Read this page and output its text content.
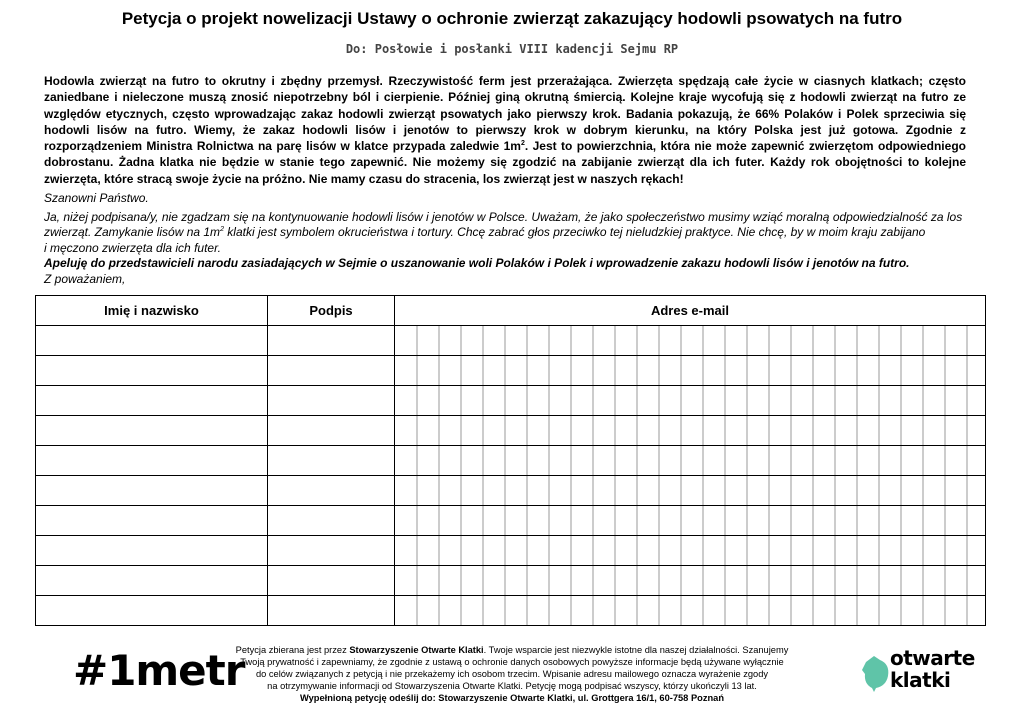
Petycja o projekt nowelizacji Ustawy o ochronie zwierząt zakazujący hodowli psowatych na futro
Do: Posłowie i posłanki VIII kadencji Sejmu RP

Hodowla zwierząt na futro to okrutny i zbędny przemysł. Rzeczywistość ferm jest przerażająca. Zwierzęta spędzają całe życie w ciasnych klatkach; często zaniedbane i nieleczone muszą znosić niepotrzebny ból i cierpienie. Później giną okrutną śmiercią. Kolejne kraje wycofują się z hodowli zwierząt na futro ze względów etycznych, często wprowadzając zakaz hodowli zwierząt psowatych jako pierwszy krok. Badania pokazują, że 66% Polaków i Polek sprzeciwia się hodowli lisów na futro. Wiemy, że zakaz hodowli lisów i jenotów to pierwszy krok w dobrym kierunku, na który Polska jest już gotowa. Zgodnie z rozporządzeniem Ministra Rolnictwa na parę lisów w klatce przypada zaledwie $1m^2$. Jest to powierzchnia, która nie może zapewnić zwierzętom odpowiedniego dobrostanu. Żadna klatka nie będzie w stanie tego zapewnić. Nie możemy się zgodzić na zabijanie zwierząt dla ich futer. Każdy rok obojętności to kolejne zwierzęta, które stracą swoje życie na próżno. Nie mamy czasu do stracenia, los zwierząt jest w naszych rękach!

Szanowni Państwo.

Ja, niżej podpisana/y, nie zgadzam się na kontynuowanie hodowli lisów i jenotów w Polsce. Uważam, że jako społeczeństwo musimy wziąć moralną odpowiedzialność za los zwierząt. Zamykanie lisów na $1m^2$ klatki jest symbolem okrucieństwa i tortury. Chcę zabrać głos przeciwko tej nieludzkiej praktyce. Nie chcę, by w moim kraju zabijano

i męczono zwierzęta dla ich futer.

Apeluję do przedstawicieli narodu zasiadających w Sejmie o uszanowanie woli Polaków i Polek i wprowadzenie zakazu hodowli lisów i jenotów na futro.

Z poważaniem,

Imię i nazwisko	Podpis	Adres e-mail

#1metr

Petycja zbierana jest przez Stowarzyszenie Otwarte Klatki. Twoje wsparcie jest niezwykle istotne dla naszej działalności. Szanujemy

Twoją prywatność i zapewniamy, że zgodnie z ustawą o ochronie danych osobowych powyższe informacje będą używane wyłącznie

do celów związanych z petycją i nie przekażemy ich osobom trzecim. Wpisanie adresu mailowego oznacza wyrażenie zgody

na otrzymywanie informacji od Stowarzyszenia Otwarte Klatki. Petycję mogą podpisać wszyscy, którzy ukończyli 13 lat.

Wypełnioną petycję odeślij do: Stowarzyszenie Otwarte Klatki, ul. Grottgera 16/1, 60-758 Poznań

otwarte
klatki
